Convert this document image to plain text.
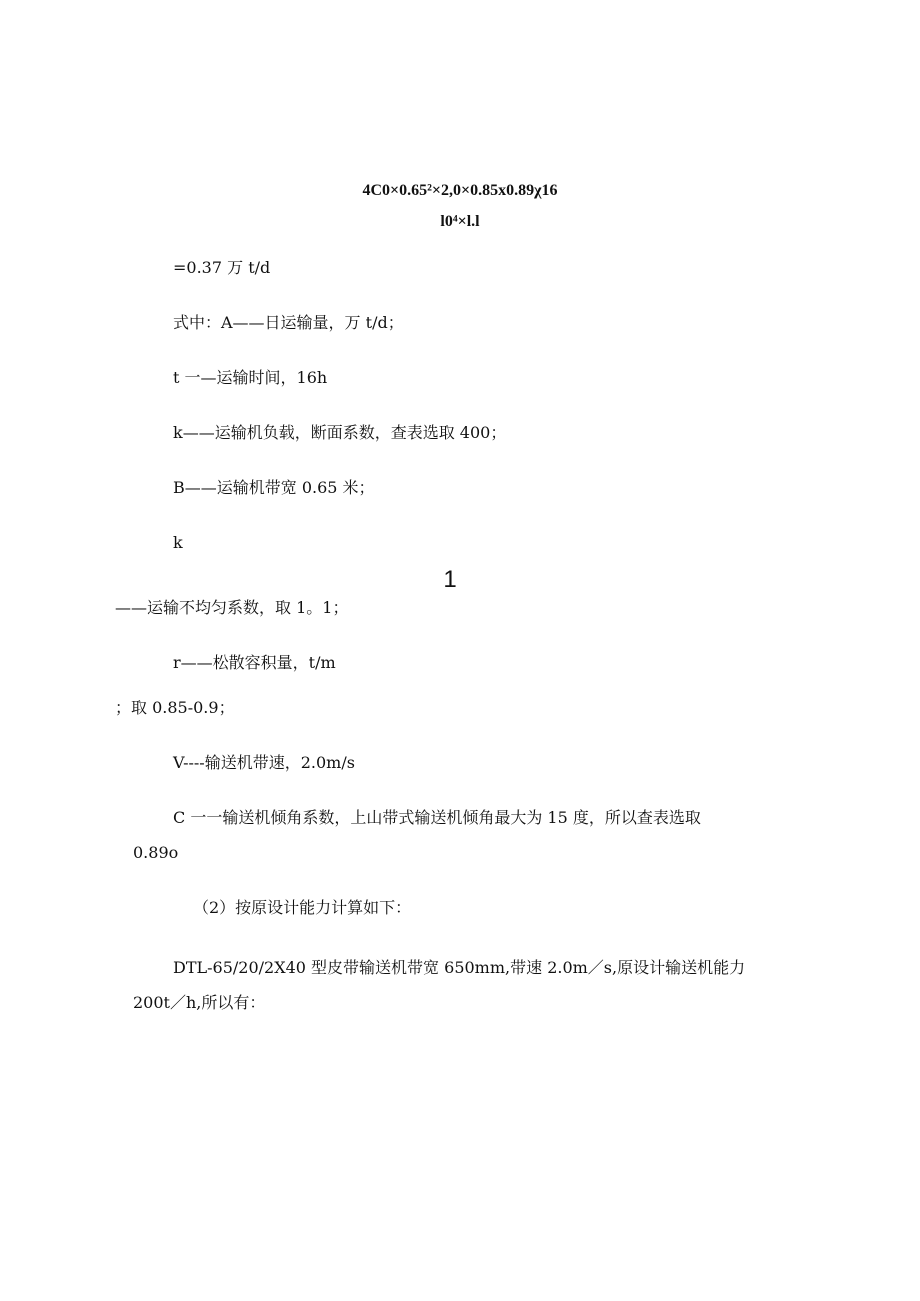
4C0×0.65²×2,0×0.85x0.89χ16
l0⁴×l.l
=0.37 万 t/d
式中：A——日运输量，万 t/d；
t 一—运输时间，16h
k——运输机负载，断面系数，查表选取 400；
B——运输机带宽 0.65 米；
k
1
——运输不均匀系数，取 1。1；
r——松散容积量，t/m
；取 0.85-0.9；
V----输送机带速，2.0m/s
C 一一输送机倾角系数，上山带式输送机倾角最大为 15 度，所以查表选取
0.89o
（2）按原设计能力计算如下：
DTL-65/20/2X40 型皮带输送机带宽 650mm,带速 2.0m／s,原设计输送机能力
200t／h,所以有：
